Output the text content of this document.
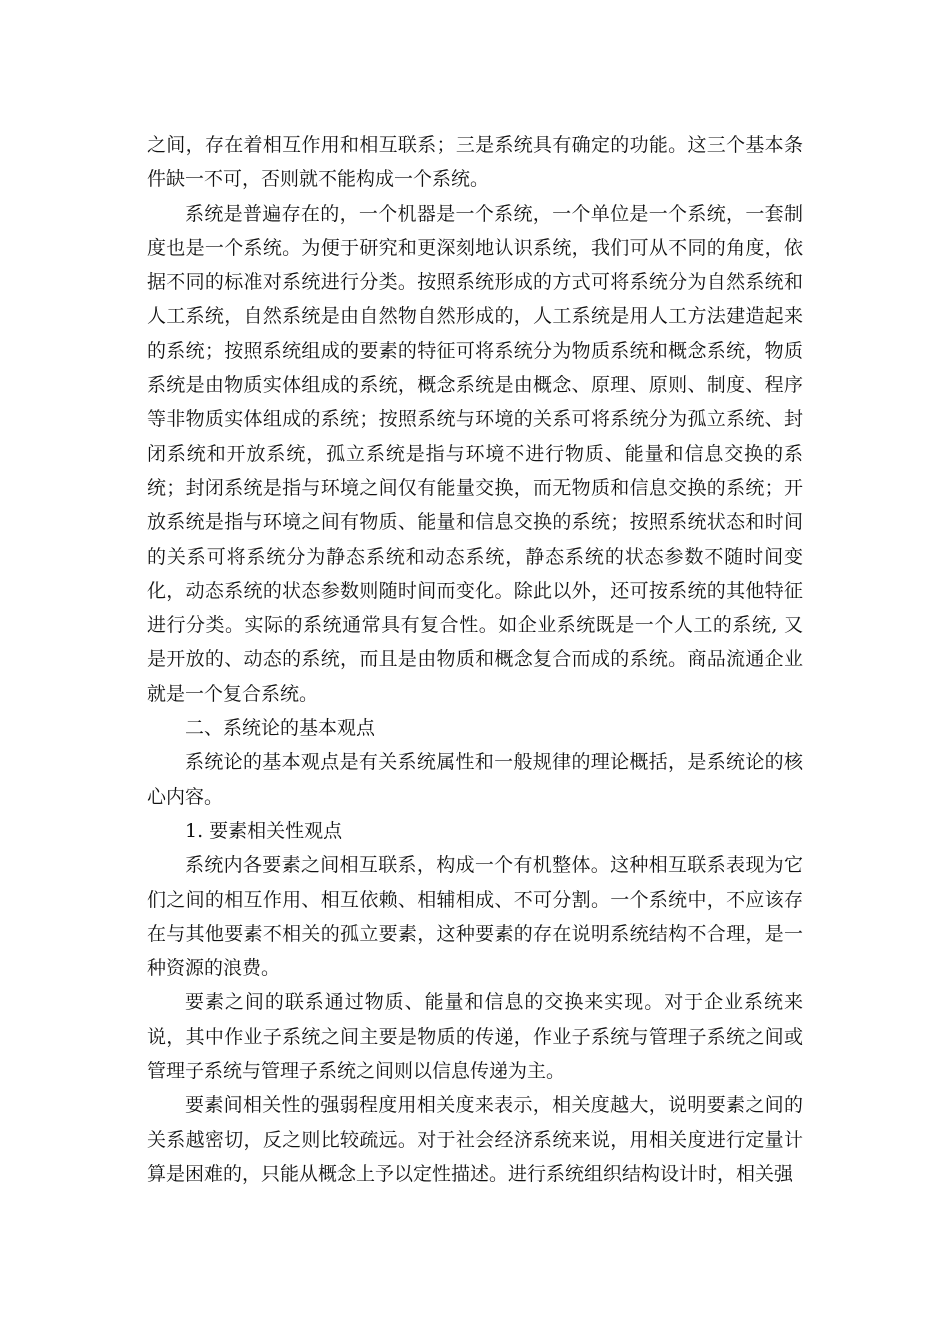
之间，存在着相互作用和相互联系；三是系统具有确定的功能。这三个基本条件缺一不可，否则就不能构成一个系统。

系统是普遍存在的，一个机器是一个系统，一个单位是一个系统，一套制度也是一个系统。为便于研究和更深刻地认识系统，我们可从不同的角度，依据不同的标准对系统进行分类。按照系统形成的方式可将系统分为自然系统和人工系统，自然系统是由自然物自然形成的，人工系统是用人工方法建造起来的系统；按照系统组成的要素的特征可将系统分为物质系统和概念系统，物质系统是由物质实体组成的系统，概念系统是由概念、原理、原则、制度、程序等非物质实体组成的系统；按照系统与环境的关系可将系统分为孤立系统、封闭系统和开放系统，孤立系统是指与环境不进行物质、能量和信息交换的系统；封闭系统是指与环境之间仅有能量交换，而无物质和信息交换的系统；开放系统是指与环境之间有物质、能量和信息交换的系统；按照系统状态和时间的关系可将系统分为静态系统和动态系统，静态系统的状态参数不随时间变化，动态系统的状态参数则随时间而变化。除此以外，还可按系统的其他特征进行分类。实际的系统通常具有复合性。如企业系统既是一个人工的系统, 又是开放的、动态的系统，而且是由物质和概念复合而成的系统。商品流通企业就是一个复合系统。

二、系统论的基本观点

系统论的基本观点是有关系统属性和一般规律的理论概括，是系统论的核心内容。

1. 要素相关性观点

系统内各要素之间相互联系，构成一个有机整体。这种相互联系表现为它们之间的相互作用、相互依赖、相辅相成、不可分割。一个系统中，不应该存在与其他要素不相关的孤立要素，这种要素的存在说明系统结构不合理，是一种资源的浪费。

要素之间的联系通过物质、能量和信息的交换来实现。对于企业系统来说，其中作业子系统之间主要是物质的传递，作业子系统与管理子系统之间或管理子系统与管理子系统之间则以信息传递为主。

要素间相关性的强弱程度用相关度来表示，相关度越大，说明要素之间的关系越密切，反之则比较疏远。对于社会经济系统来说，用相关度进行定量计算是困难的，只能从概念上予以定性描述。进行系统组织结构设计时，相关强
